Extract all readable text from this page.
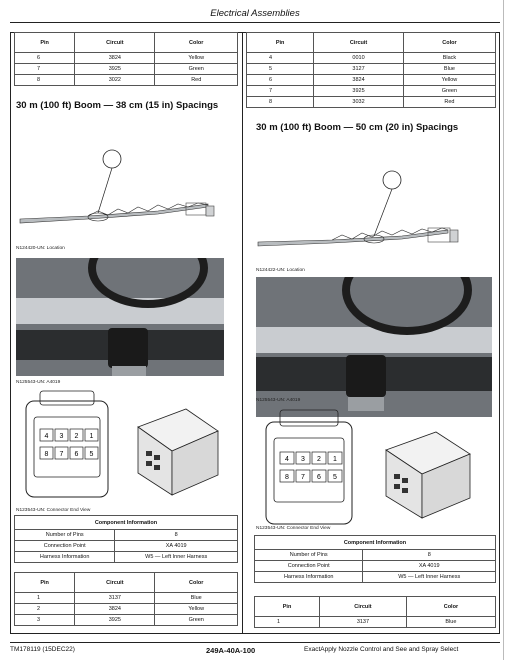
Electrical Assemblies
Pin	Circuit	Color
6	3824	Yellow
7	3925	Green
8	3022	Red
30 m (100 ft) Boom — 38 cm (15 in) Spacings
N124420-UN: Location
N125543-UN: A4019
4 3 2 1
8 7 6 5
N123543-UN: Connector End View
Component Information	
Number of Pins	8
Connection Point	XA 4019
Harness Information	W5 — Left Inner Harness
Pin	Circuit	Color
1	3137	Blue
2	3824	Yellow
3	3925	Green
Pin	Circuit	Color
4	0010	Black
5	3127	Blue
6	3824	Yellow
7	3925	Green
8	3032	Red
30 m (100 ft) Boom — 50 cm (20 in) Spacings
N124422-UN: Location
N125543-UN: A4019
4 3 2 1
8 7 6 5
N123543-UN: Connector End View
Component Information	
Number of Pins	8
Connection Point	XA 4019
Harness Information	W5 — Left Inner Harness
Pin	Circuit	Color
1	3137	Blue
TM178119 (15DEC22)	249A-40A-100	ExactApply Nozzle Control and See and Spray Select
